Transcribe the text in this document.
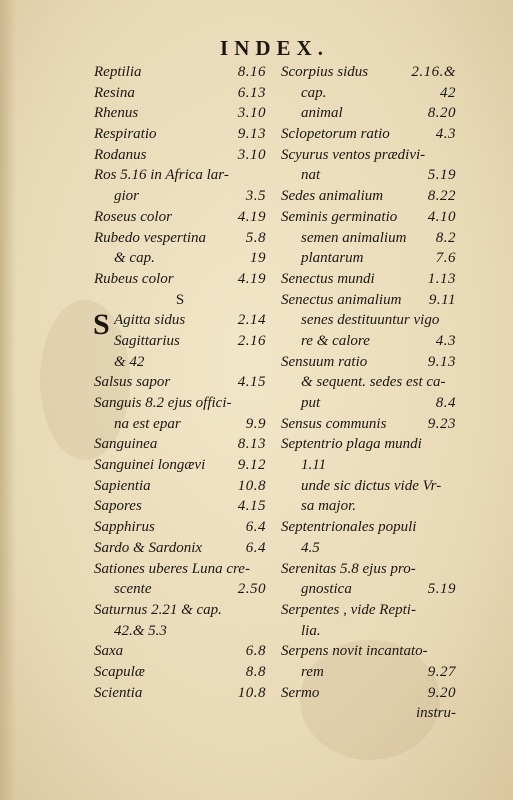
INDEX.
Reptilia	8.16
Resina	6.13
Rhenus	3.10
Respiratio	9.13
Rodanus	3.10
Ros 5.16 in Africa lar-
gior	3.5
Roseus color	4.19
Rubedo vespertina	5.8
& cap.	19
Rubeus color	4.19
S
S Agitta sidus	2.14
Sagittarius	2.16
& 42
Salsus sapor	4.15
Sanguis 8.2 ejus offici-
na est epar	9.9
Sanguinea	8.13
Sanguinei longævi 9.12
Sapientia	10.8
Sapores	4.15
Sapphirus	6.4
Sardo & Sardonix	6.4
Sationes uberes Luna cre-
scente	2.50
Saturnus 2.21 & cap.
42.& 5.3
Saxa	6.8
Scapulæ	8.8
Scientia	10.8
Scorpius sidus	2.16.&
cap.	42
animal	8.20
Sclopetorum ratio	4.3
Scyurus ventos prædivi-
nat	5.19
Sedes animalium	8.22
Seminis germinatio 4.10
semen animalium 8.2
plantarum	7.6
Senectus mundi	1.13
Senectus animalium 9.11
senes destituuntur vigo
re & calore	4.3
Sensuum ratio	9.13
& sequent. sedes est ca-
put	8.4
Sensus communis	9.23
Septentrio plaga mundi
1.11
unde sic dictus vide Vr-
sa major.
Septentrionales populi
4.5
Serenitas 5.8 ejus pro-
gnostica	5.19
Serpentes , vide Repti-
lia.
Serpens novit incantato-
rem	9.27
Sermo	9.20
instru-
